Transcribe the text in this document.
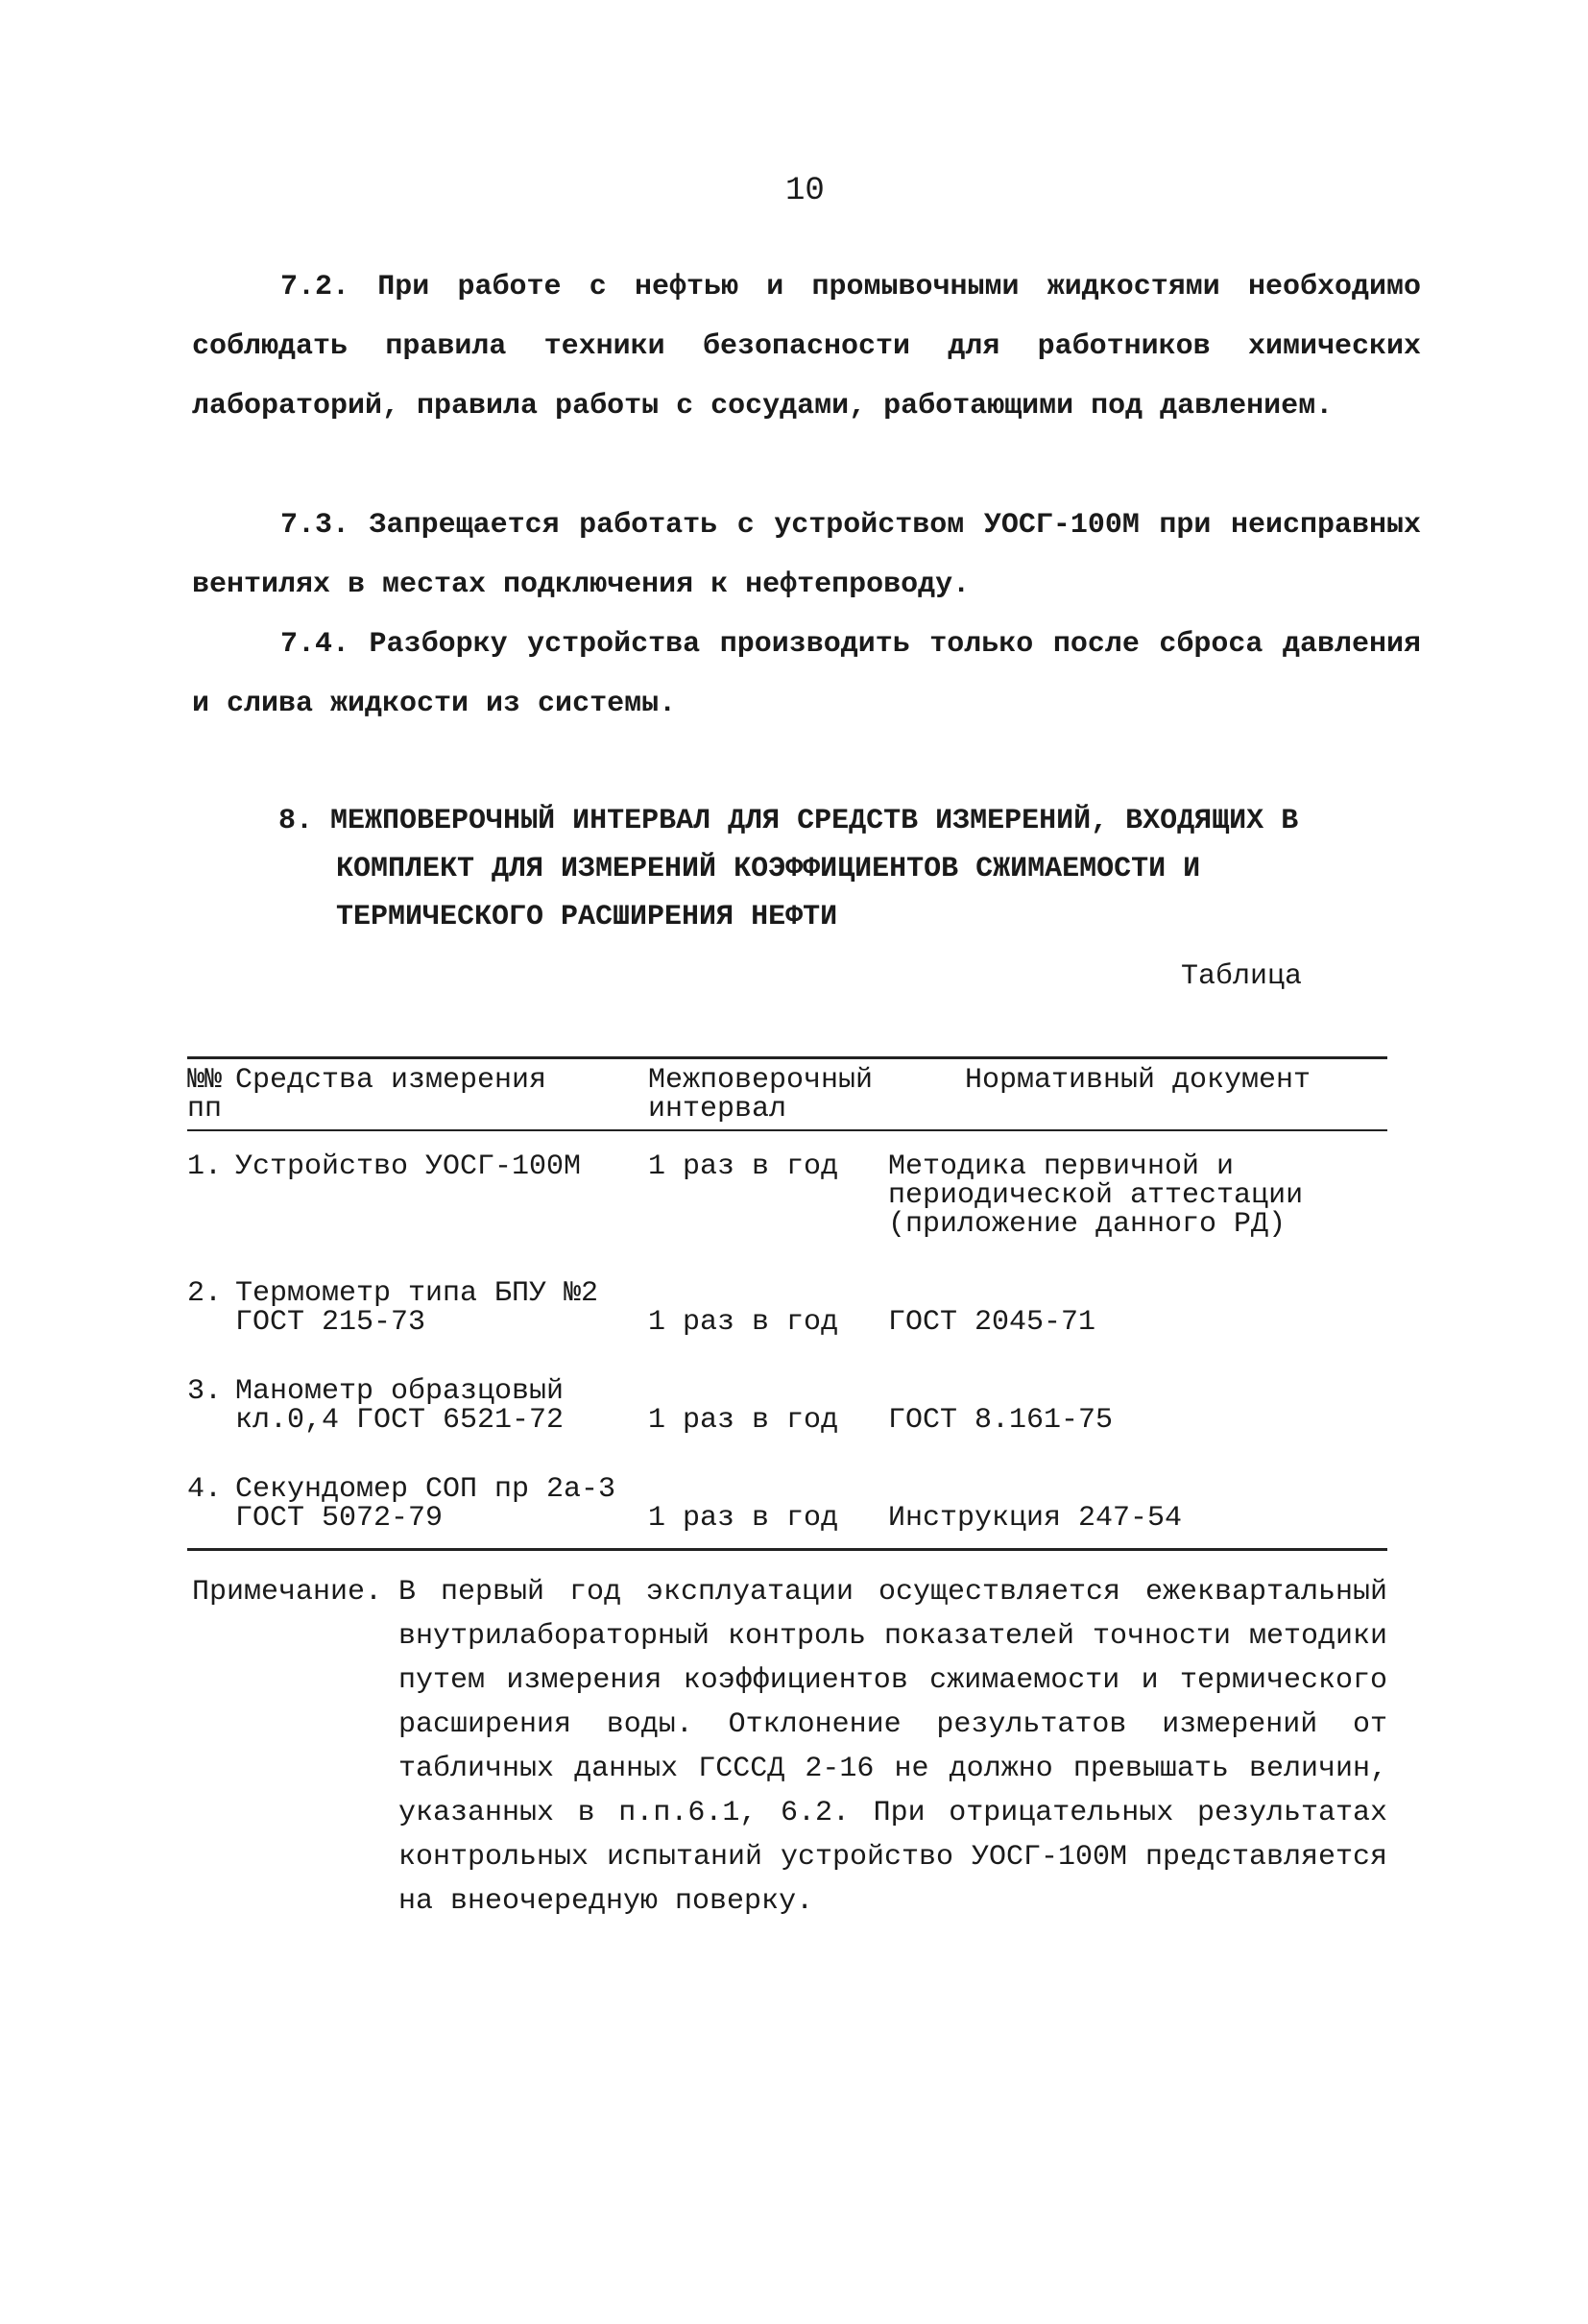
10

7.2. При работе с нефтью и промывочными жидкостями необходимо соблюдать правила техники безопасности для работников химических лабораторий, правила работы с сосудами, работающими под давлением.

7.3. Запрещается работать с устройством УОСГ-100М при неисправных вентилях в местах подключения к нефтепроводу.

7.4. Разборку устройства производить только после сброса давления и слива жидкости из системы.

8. МЕЖПОВЕРОЧНЫЙ ИНТЕРВАЛ ДЛЯ СРЕДСТВ ИЗМЕРЕНИЙ, ВХОДЯЩИХ В КОМПЛЕКТ ДЛЯ ИЗМЕРЕНИЙ КОЭФФИЦИЕНТОВ СЖИМАЕМОСТИ И ТЕРМИЧЕСКОГО РАСШИРЕНИЯ НЕФТИ
Таблица
№№ пп	Средства измерения	Межповерочный интервал	Нормативный документ
1.	Устройство УОСГ-100М	1 раз в год	Методика первичной и периодической аттестации (приложение данного РД)
2.	Термометр типа БПУ №2 ГОСТ 215-73	1 раз в год	ГОСТ 2045-71
3.	Манометр образцовый кл.0,4 ГОСТ 6521-72	1 раз в год	ГОСТ 8.161-75
4.	Секундомер СОП пр 2а-3 ГОСТ 5072-79	1 раз в год	Инструкция 247-54
Примечание. В первый год эксплуатации осуществляется ежеквартальный внутрилабораторный контроль показателей точности методики путем измерения коэффициентов сжимаемости и термического расширения воды. Отклонение результатов измерений от табличных данных ГСССД 2-16 не должно превышать величин, указанных в п.п.6.1, 6.2. При отрицательных результатах контрольных испытаний устройство УОСГ-100М представляется на внеочередную поверку.
